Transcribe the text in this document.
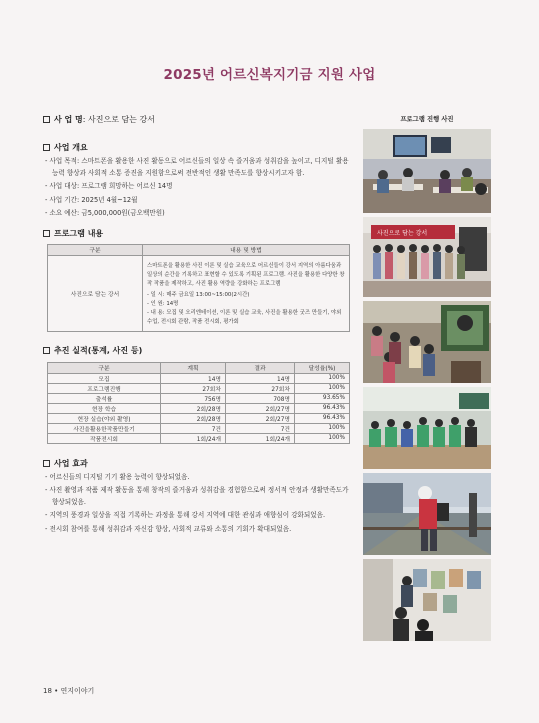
2025년 어르신복지기금 지원 사업
사 업 명 : 사진으로 담는 강서
사업 개요
- 사업 목적: 스마트폰을 활용한 사진 활동으로 어르신들의 일상 속 즐거움과 성취감을 높이고, 디지털 활용 능력 향상과 사회적 소통 증진을 지원함으로써 전반적인 생활 만족도를 향상시키고자 함.
- 사업 대상: 프로그램 희망하는 어르신 14명
- 사업 기간: 2025년 4월~12월
- 소요 예산: 금5,000,000원(금오백만원)
프로그램 내용
구분	내용 및 방법
사진으로 담는 강서	스마트폰을 활용한 사진 이론 및 실습 교육으로 어르신들이 강서 지역의 아름다움과 일상의 순간을 기록하고 표현할 수 있도록 기획된 프로그램. 사진을 활용한 다양한 창작 작품을 제작하고, 사진 활용 역량을 강화하는 프로그램
- 일 시: 매주 금요일 13:00~15:00(2시간)
- 인 원: 14명
- 내 용: 모집 및 오리엔테이션, 이론 및 실습 교육, 사진을 활용한 굿즈 만들기, 야외 수업, 전시회 관람, 작품 전시회, 평가회
추진 실적 (통계, 사진 등)
구분	계획	결과	달성율(%)
모집	14명	14명	100%
프로그램진행	27회차	27회차	100%
출석률	756명	708명	93.65%
현장 학습	2회/28명	2회/27명	96.43%
현장 실습(야외 촬영)	2회/28명	2회/27명	96.43%
사진을활용한작품만들기	7건	7건	100%
작품전시회	1회/24개	1회/24개	100%
사업 효과
- 어르신들의 디지털 기기 활용 능력이 향상되었음.
- 사진 촬영과 작품 제작 활동을 통해 창작의 즐거움과 성취감을 경험함으로써 정서적 안정과 생활만족도가 향상되었음.
- 지역의 풍경과 일상을 직접 기록하는 과정을 통해 강서 지역에 대한 관심과 애향심이 강화되었음.
- 전시회 참여를 통해 성취감과 자신감 향상, 사회적 교류와 소통의 기회가 확대되었음.
프로그램 진행 사진
사진으로 담는 강서
18 • 연지이야기
